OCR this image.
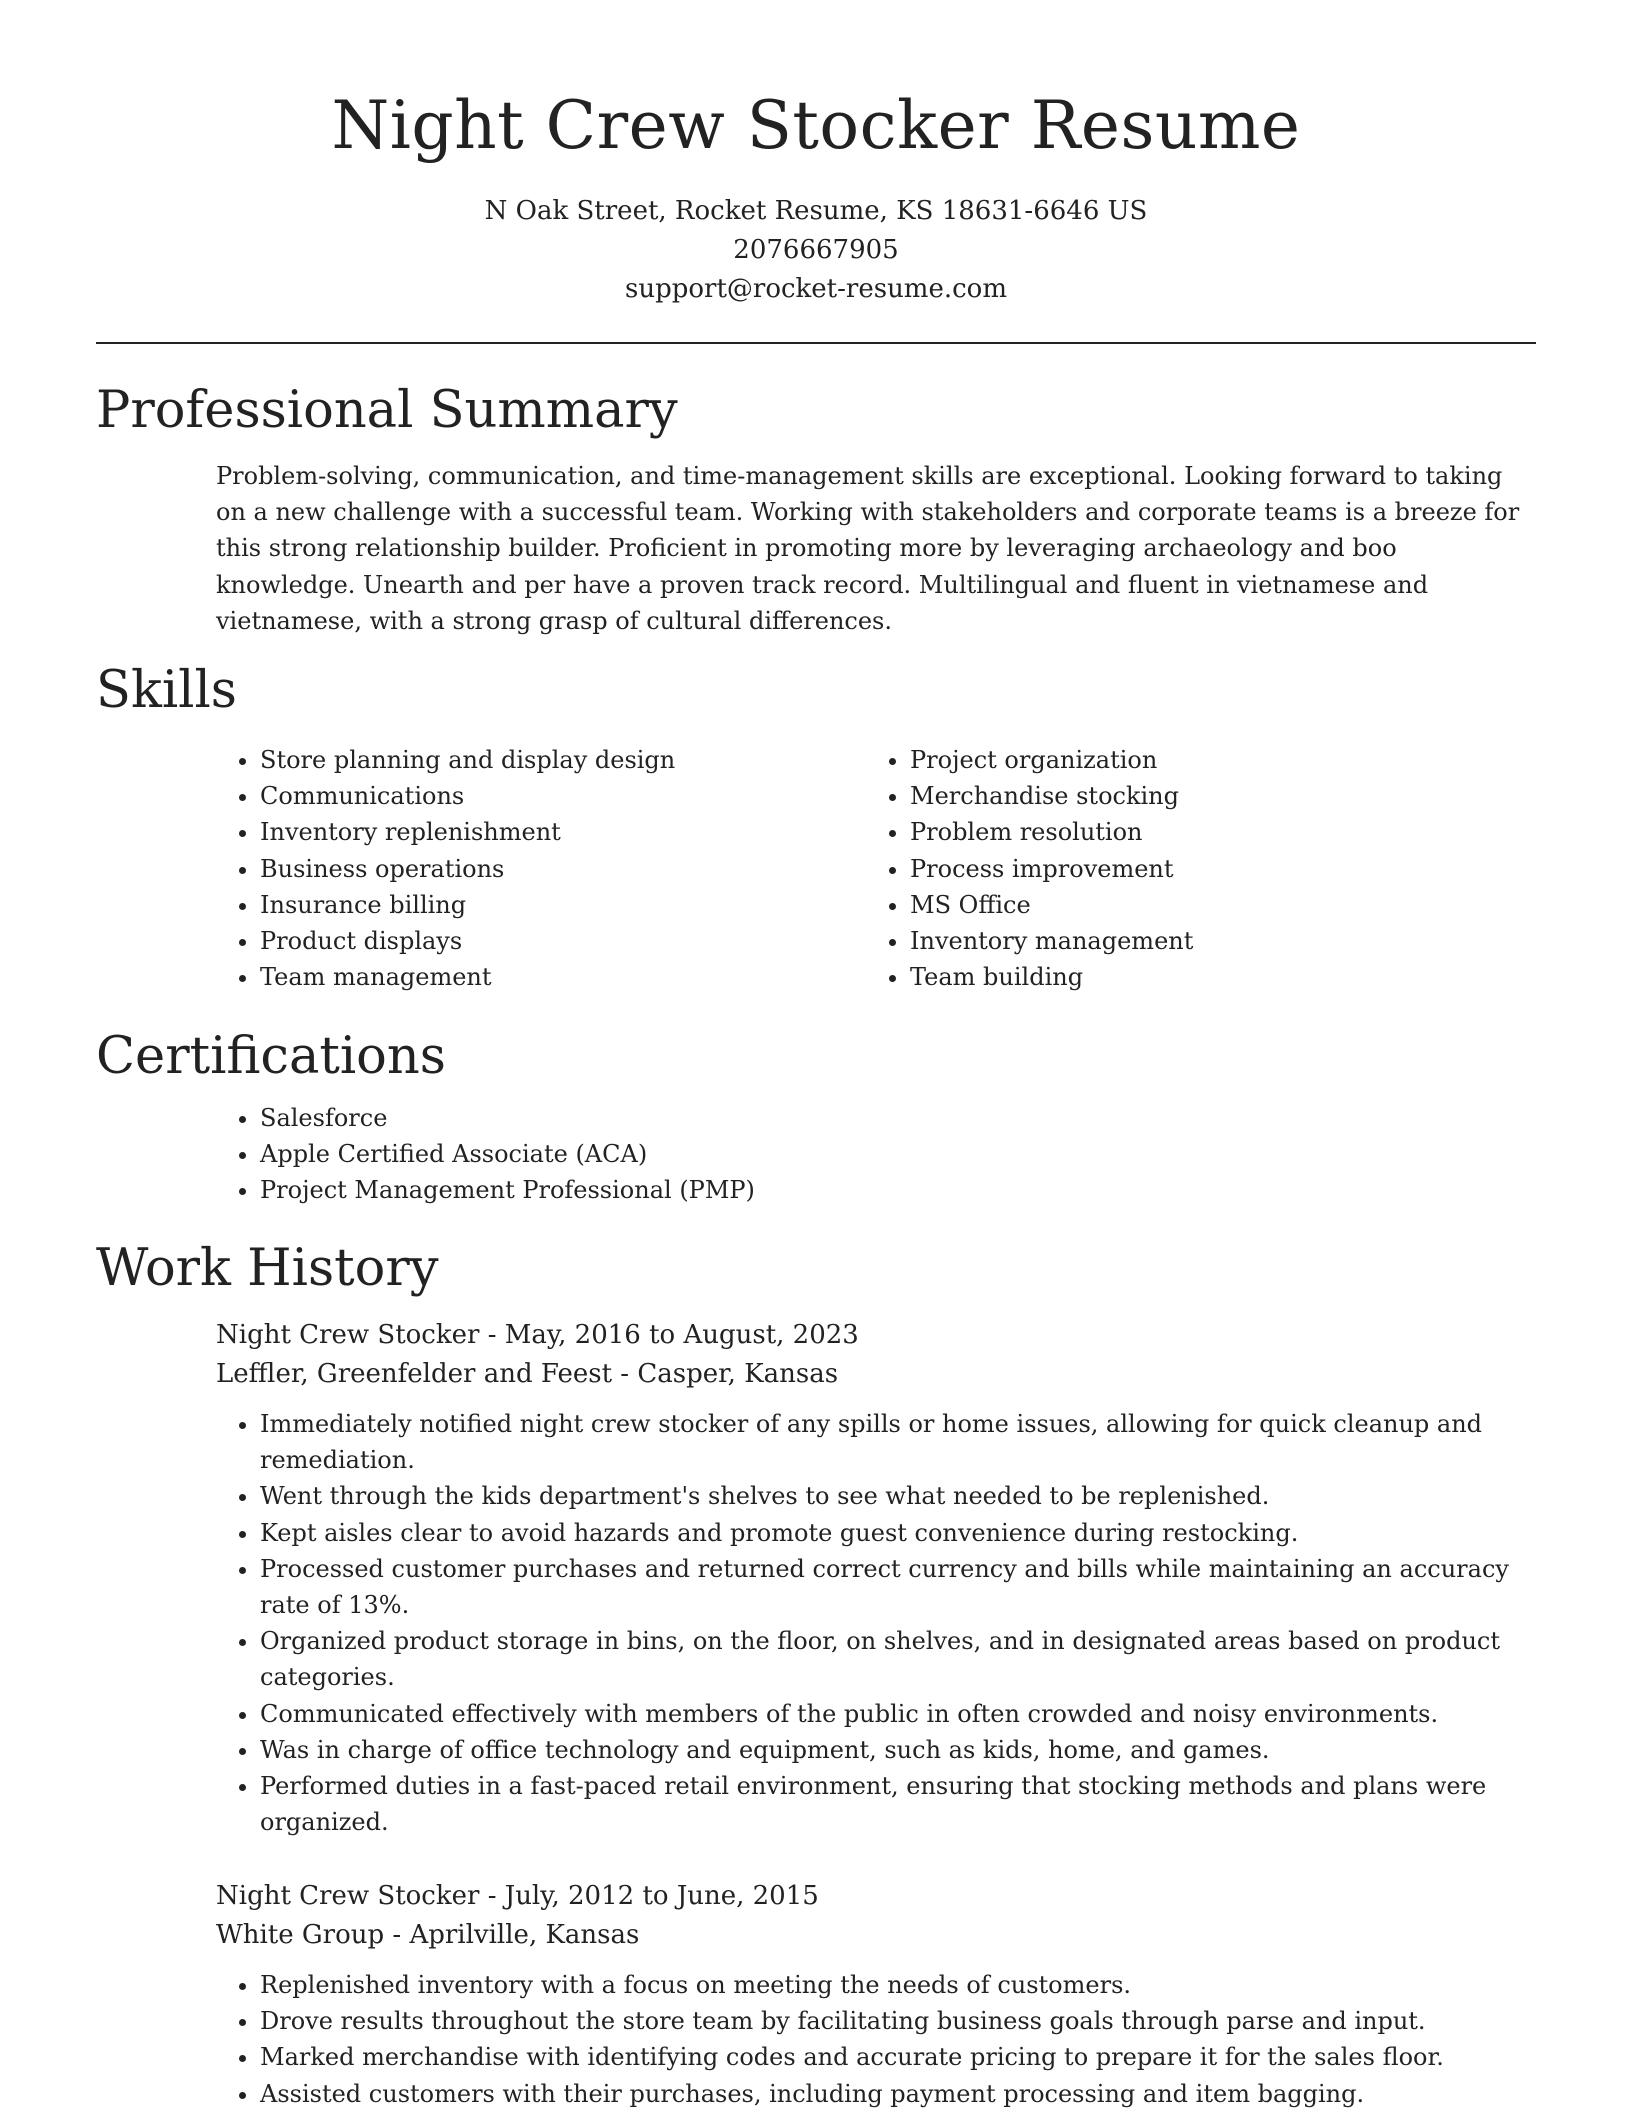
Night Crew Stocker Resume
N Oak Street, Rocket Resume, KS 18631-6646 US
2076667905
support@rocket-resume.com
Professional Summary

Problem-solving, communication, and time-management skills are exceptional. Looking forward to taking on a new challenge with a successful team. Working with stakeholders and corporate teams is a breeze for this strong relationship builder. Proficient in promoting more by leveraging archaeology and boo knowledge. Unearth and per have a proven track record. Multilingual and fluent in vietnamese and vietnamese, with a strong grasp of cultural differences.

Skills
• Store planning and display design
• Communications
• Inventory replenishment
• Business operations
• Insurance billing
• Product displays
• Team management
• Project organization
• Merchandise stocking
• Problem resolution
• Process improvement
• MS Office
• Inventory management
• Team building
Certifications
• Salesforce
• Apple Certified Associate (ACA)
• Project Management Professional (PMP)
Work History
Night Crew Stocker - May, 2016 to August, 2023
Leffler, Greenfelder and Feest - Casper, Kansas
• Immediately notified night crew stocker of any spills or home issues, allowing for quick cleanup and remediation.
• Went through the kids department's shelves to see what needed to be replenished.
• Kept aisles clear to avoid hazards and promote guest convenience during restocking.
• Processed customer purchases and returned correct currency and bills while maintaining an accuracy rate of 13%.
• Organized product storage in bins, on the floor, on shelves, and in designated areas based on product categories.
• Communicated effectively with members of the public in often crowded and noisy environments.
• Was in charge of office technology and equipment, such as kids, home, and games.
• Performed duties in a fast-paced retail environment, ensuring that stocking methods and plans were organized.
Night Crew Stocker - July, 2012 to June, 2015
White Group - Aprilville, Kansas
• Replenished inventory with a focus on meeting the needs of customers.
• Drove results throughout the store team by facilitating business goals through parse and input.
• Marked merchandise with identifying codes and accurate pricing to prepare it for the sales floor.
• Assisted customers with their purchases, including payment processing and item bagging.
